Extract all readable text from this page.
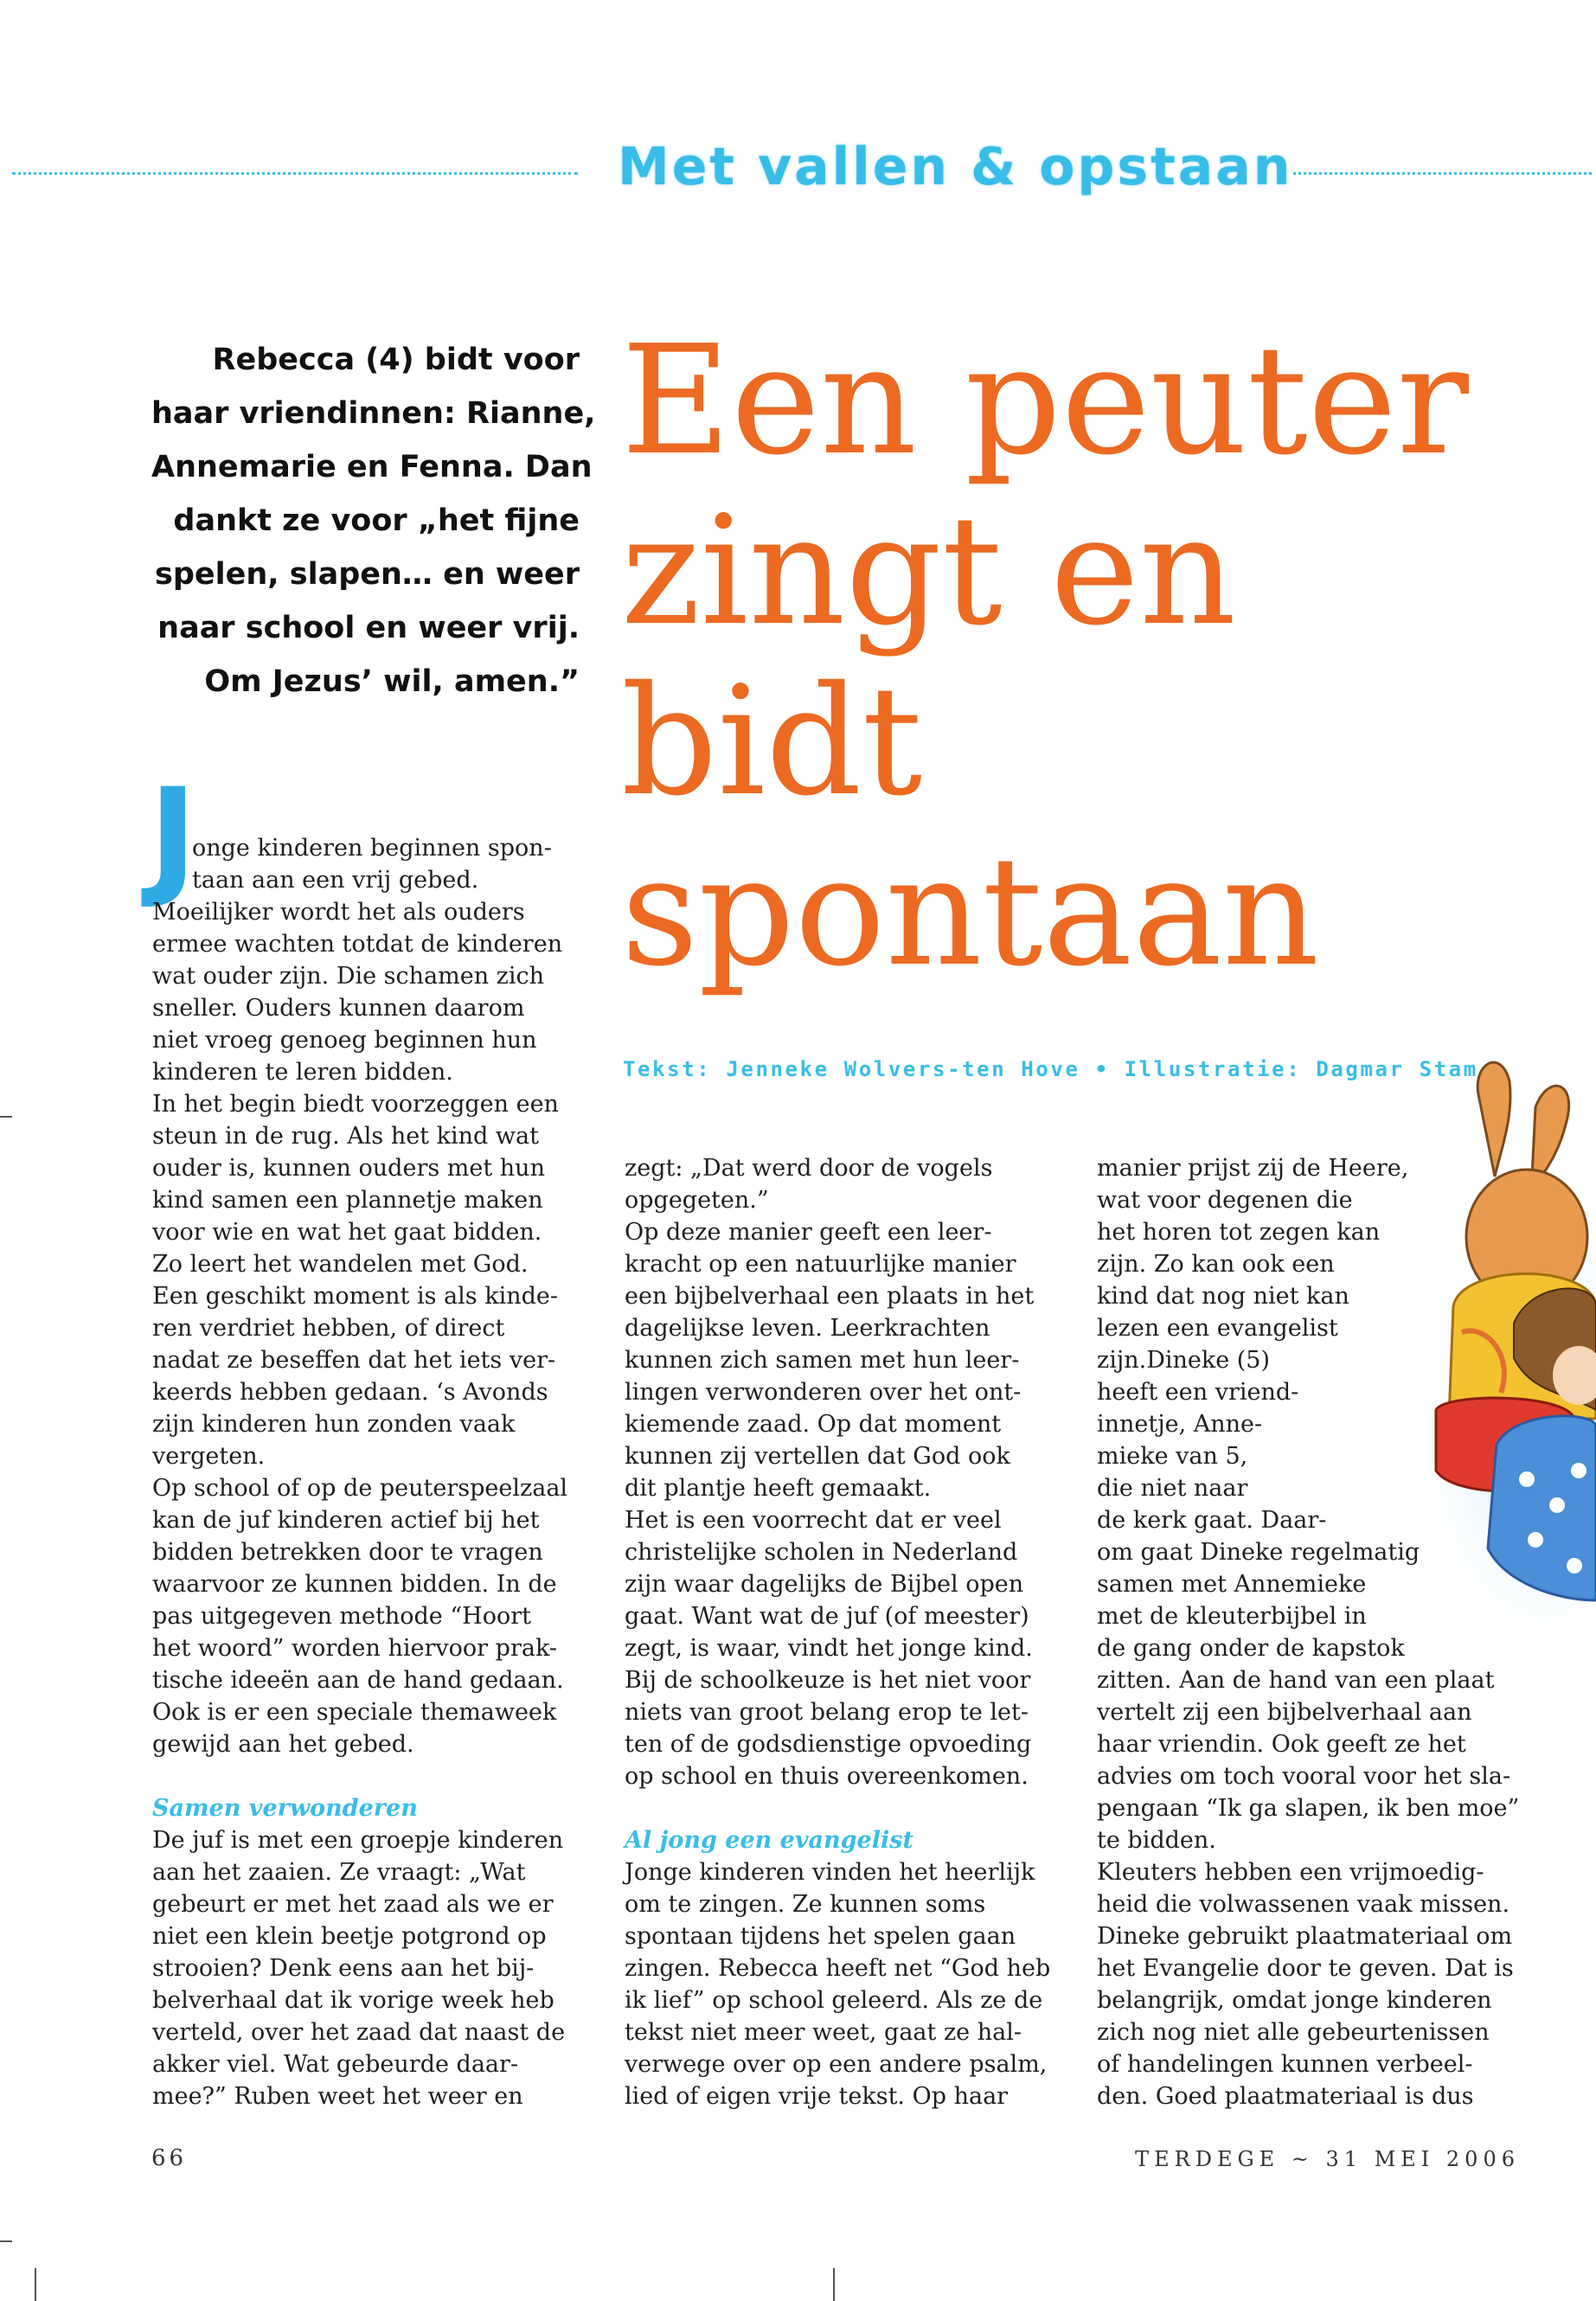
Met vallen & opstaan
Rebecca (4) bidt voor
haar vriendinnen: Rianne,
Annemarie en Fenna. Dan
dankt ze voor „het fijne
spelen, slapen… en weer
naar school en weer vrij.
Om Jezus’ wil, amen.”
Een peuter
zingt en
bidt
spontaan
Tekst: Jenneke Wolvers-ten Hove • Illustratie: Dagmar Stam
J
onge kinderen beginnen spon-
taan aan een vrij gebed.
Moeilijker wordt het als ouders
ermee wachten totdat de kinderen
wat ouder zijn. Die schamen zich
sneller. Ouders kunnen daarom
niet vroeg genoeg beginnen hun
kinderen te leren bidden.
In het begin biedt voorzeggen een
steun in de rug. Als het kind wat
ouder is, kunnen ouders met hun
kind samen een plannetje maken
voor wie en wat het gaat bidden.
Zo leert het wandelen met God.
Een geschikt moment is als kinde-
ren verdriet hebben, of direct
nadat ze beseffen dat het iets ver-
keerds hebben gedaan. ‘s Avonds
zijn kinderen hun zonden vaak
vergeten.
Op school of op de peuterspeelzaal
kan de juf kinderen actief bij het
bidden betrekken door te vragen
waarvoor ze kunnen bidden. In de
pas uitgegeven methode “Hoort
het woord” worden hiervoor prak-
tische ideeën aan de hand gedaan.
Ook is er een speciale themaweek
gewijd aan het gebed.
Samen verwonderen
De juf is met een groepje kinderen
aan het zaaien. Ze vraagt: „Wat
gebeurt er met het zaad als we er
niet een klein beetje potgrond op
strooien? Denk eens aan het bij-
belverhaal dat ik vorige week heb
verteld, over het zaad dat naast de
akker viel. Wat gebeurde daar-
mee?” Ruben weet het weer en
zegt: „Dat werd door de vogels
opgegeten.”
Op deze manier geeft een leer-
kracht op een natuurlijke manier
een bijbelverhaal een plaats in het
dagelijkse leven. Leerkrachten
kunnen zich samen met hun leer-
lingen verwonderen over het ont-
kiemende zaad. Op dat moment
kunnen zij vertellen dat God ook
dit plantje heeft gemaakt.
Het is een voorrecht dat er veel
christelijke scholen in Nederland
zijn waar dagelijks de Bijbel open
gaat. Want wat de juf (of meester)
zegt, is waar, vindt het jonge kind.
Bij de schoolkeuze is het niet voor
niets van groot belang erop te let-
ten of de godsdienstige opvoeding
op school en thuis overeenkomen.
Al jong een evangelist
Jonge kinderen vinden het heerlijk
om te zingen. Ze kunnen soms
spontaan tijdens het spelen gaan
zingen. Rebecca heeft net “God heb
ik lief” op school geleerd. Als ze de
tekst niet meer weet, gaat ze hal-
verwege over op een andere psalm,
lied of eigen vrije tekst. Op haar
manier prijst zij de Heere,
wat voor degenen die
het horen tot zegen kan
zijn. Zo kan ook een
kind dat nog niet kan
lezen een evangelist
zijn.Dineke (5)
heeft een vriend-
innetje, Anne-
mieke van 5,
die niet naar
de kerk gaat. Daar-
om gaat Dineke regelmatig
samen met Annemieke
met de kleuterbijbel in
de gang onder de kapstok
zitten. Aan de hand van een plaat
vertelt zij een bijbelverhaal aan
haar vriendin. Ook geeft ze het
advies om toch vooral voor het sla-
pengaan “Ik ga slapen, ik ben moe”
te bidden.
Kleuters hebben een vrijmoedig-
heid die volwassenen vaak missen.
Dineke gebruikt plaatmateriaal om
het Evangelie door te geven. Dat is
belangrijk, omdat jonge kinderen
zich nog niet alle gebeurtenissen
of handelingen kunnen verbeel-
den. Goed plaatmateriaal is dus
66	TERDEGE ~ 31 MEI 2006
